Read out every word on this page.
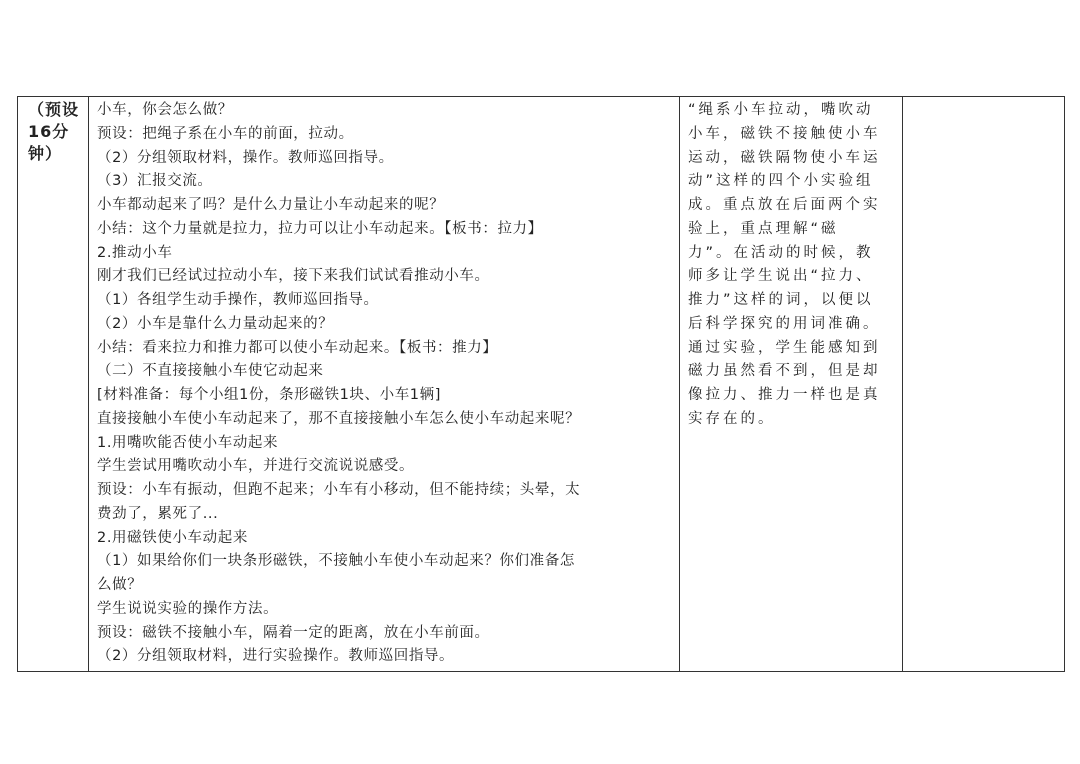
（预设
16分
钟）

小车，你会怎么做？
预设：把绳子系在小车的前面，拉动。
（2）分组领取材料，操作。教师巡回指导。
（3）汇报交流。
小车都动起来了吗？是什么力量让小车动起来的呢？
小结：这个力量就是拉力，拉力可以让小车动起来。【板书：拉力】
2.推动小车
刚才我们已经试过拉动小车，接下来我们试试看推动小车。
（1）各组学生动手操作，教师巡回指导。
（2）小车是靠什么力量动起来的？
小结：看来拉力和推力都可以使小车动起来。【板书：推力】
（二）不直接接触小车使它动起来
[材料准备：每个小组1份，条形磁铁1块、小车1辆]
直接接触小车使小车动起来了，那不直接接触小车怎么使小车动起来呢？
1.用嘴吹能否使小车动起来
学生尝试用嘴吹动小车，并进行交流说说感受。
预设：小车有振动，但跑不起来；小车有小移动，但不能持续；头晕，太
费劲了，累死了...
2.用磁铁使小车动起来
（1）如果给你们一块条形磁铁，不接触小车使小车动起来？你们准备怎
么做？
学生说说实验的操作方法。
预设：磁铁不接触小车，隔着一定的距离，放在小车前面。
（2）分组领取材料，进行实验操作。教师巡回指导。

“绳系小车拉动，嘴吹动
小车，磁铁不接触使小车
运动，磁铁隔物使小车运
动”这样的四个小实验组
成。重点放在后面两个实
验上，重点理解“磁
力”。在活动的时候，教
师多让学生说出“拉力、
推力”这样的词，以便以
后科学探究的用词准确。
通过实验，学生能感知到
磁力虽然看不到，但是却
像拉力、推力一样也是真
实存在的。
